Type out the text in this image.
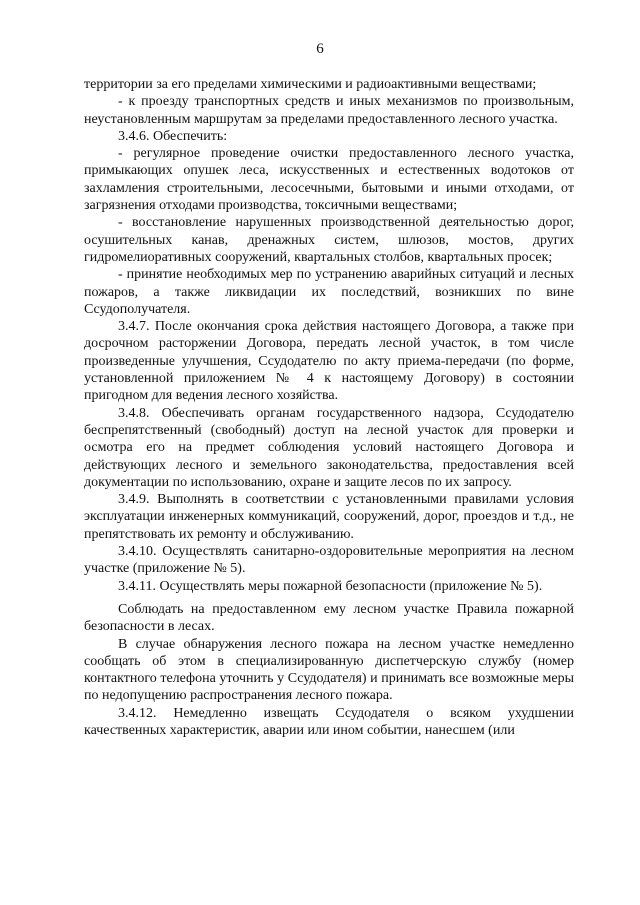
6

территории за его пределами химическими и радиоактивными веществами;

- к проезду транспортных средств и иных механизмов по произвольным, неустановленным маршрутам за пределами предоставленного лесного участка.

3.4.6. Обеспечить:

- регулярное проведение очистки предоставленного лесного участка, примыкающих опушек леса, искусственных и естественных водотоков от захламления строительными, лесосечными, бытовыми и иными отходами, от загрязнения отходами производства, токсичными веществами;

- восстановление нарушенных производственной деятельностью дорог, осушительных канав, дренажных систем, шлюзов, мостов, других гидромелиоративных сооружений, квартальных столбов, квартальных просек;

- принятие необходимых мер по устранению аварийных ситуаций и лесных пожаров, а также ликвидации их последствий, возникших по вине Ссудополучателя.

3.4.7. После окончания срока действия настоящего Договора, а также при досрочном расторжении Договора, передать лесной участок, в том числе произведенные улучшения, Ссудодателю по акту приема-передачи (по форме, установленной приложением № 4 к настоящему Договору) в состоянии пригодном для ведения лесного хозяйства.

3.4.8. Обеспечивать органам государственного надзора, Ссудодателю беспрепятственный (свободный) доступ на лесной участок для проверки и осмотра его на предмет соблюдения условий настоящего Договора и действующих лесного и земельного законодательства, предоставления всей документации по использованию, охране и защите лесов по их запросу.

3.4.9. Выполнять в соответствии с установленными правилами условия эксплуатации инженерных коммуникаций, сооружений, дорог, проездов и т.д., не препятствовать их ремонту и обслуживанию.

3.4.10. Осуществлять санитарно-оздоровительные мероприятия на лесном участке (приложение № 5).

3.4.11. Осуществлять меры пожарной безопасности (приложение № 5).

Соблюдать на предоставленном ему лесном участке Правила пожарной безопасности в лесах.

В случае обнаружения лесного пожара на лесном участке немедленно сообщать об этом в специализированную диспетчерскую службу (номер контактного телефона уточнить у Ссудодателя) и принимать все возможные меры по недопущению распространения лесного пожара.

3.4.12. Немедленно извещать Ссудодателя о всяком ухудшении качественных характеристик, аварии или ином событии, нанесшем (или
